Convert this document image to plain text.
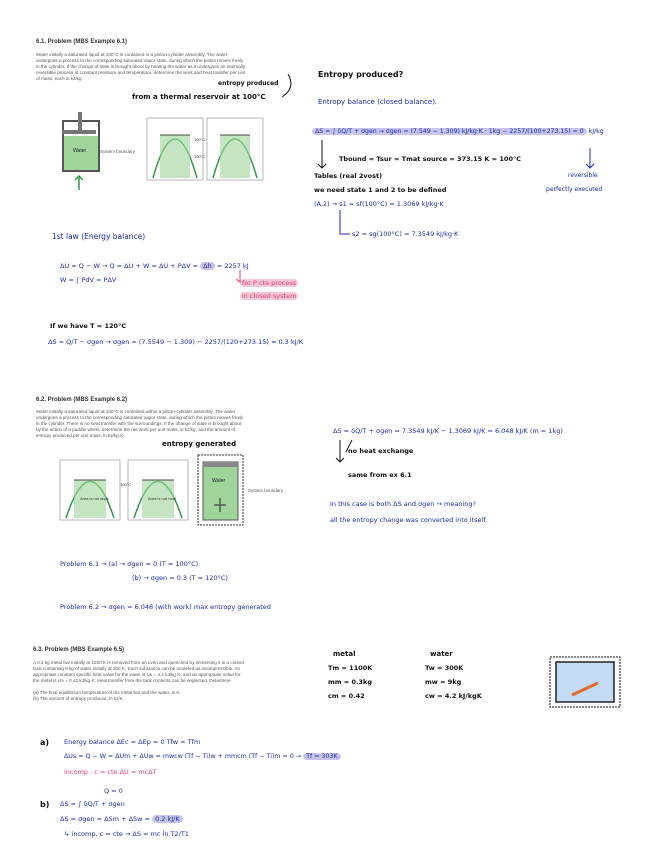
6.1. Problem (MBS Example 6.1)
Water initially a saturated liquid at 100°C is contained in a piston-cylinder assembly. The water
undergoes a process to the corresponding saturated vapor state, during which the piston moves freely
in the cylinder. If the change of state is brought about by heating the water as it undergoes an internally
reversible process at constant pressure and temperature, determine the work and heat transfer per unit
of mass, each in kJ/kg.
entropy produced
from a thermal reservoir at 100°C
Water	System boundary
100°C
100°C
Entropy produced?
Entropy balance (closed balance).
ΔS = ∫ δQ/T + σgen → σgen = (7.549 − 1.309) kJ/kg·K · 1kg − 2257/(100+273.15) ≈ 0 kJ/kg
Tbound = Tsur = Tmat source = 373.15 K = 100°C
Tables (real 2vost)	reversible
perfectly executed
we need state 1 and 2 to be defined
(A.2) → s1 = sf(100°C) = 1.3069 kJ/kg·K
s2 = sg(100°C) = 7.3549 kJ/kg·K
1st law (Energy balance)
ΔU = Q − W → Q = ΔU + W = ΔU + PΔV = Δh = 2257 kJ
W = ∫ PdV = PΔV	for P cte process
in closed system
If we have T = 120°C
ΔS = Q/T − σgen → σgen = (7.5549 − 1.309) − 2257/(120+273.15) ≈ 0.3 kJ/K
6.2. Problem (MBS Example 6.2)
Water initially a saturated liquid at 100°C is contained within a piston-cylinder assembly. The water
undergoes a process to the corresponding saturated vapor state, during which the piston moves freely
in the cylinder. There is no heat transfer with the surroundings. If the change of state is brought about
by the action of a paddle wheel, determine the net work per unit mass, in kJ/kg, and the amount of
entropy produced per unit mass, in kJ/kg·K.
entropy generated
Area is not work	Area is not heat
100°C
Water
System boundary
ΔS = δQ/T + σgen = 7.3549 kJ/K − 1.3069 kJ/K = 6.048 kJ/K (m = 1kg)
no heat exchange
same from ex 6.1
In this case is both ΔS and σgen → meaning?
all the entropy change was converted into itself.
Problem 6.1 → (a) → σgen = 0 (T = 100°C)
(b) → σgen = 0.3 (T = 120°C)
Problem 6.2 → σgen = 6.048 (with work) max entropy generated
6.3. Problem (MBS Example 6.5)
A 0.3 kg metal bar initially at 1200 K is removed from an oven and quenched by immersing it in a closed
tank containing 9 kg of water initially at 300 K. Each substance can be modeled as incompressible. An
appropriate constant specific heat value for the water is cw = 4.2 kJ/kg·K, and an appropriate value for
the metal is cm = 0.42 kJ/kg·K. Heat transfer from the tank contents can be neglected. Determine
(a) The final equilibrium temperature of the metal bar and the water, in K.
(b) The amount of entropy produced, in kJ/K.
metal
Tm = 1100K
mm = 0.3kg
cm = 0.42
water
Tw = 300K
mw = 9kg
cw = 4.2 kJ/kgK
a) Energy balance ΔEc = ΔEp = 0 Tfw = Tfm
ΔUs = Q − W = ΔUm + ΔUw = mwcw (Tf − Ti)w + mmcm (Tf − Ti)m = 0 → Tf = 303K
incomp : c = cte ΔU = mcΔT
Q = 0
b) ΔS = ∫ δQ/T + σgen
ΔS = σgen = ΔSm + ΔSw = 0.2 kJ/K
↳ incomp, c = cte → ΔS = mc ln T2/T1
